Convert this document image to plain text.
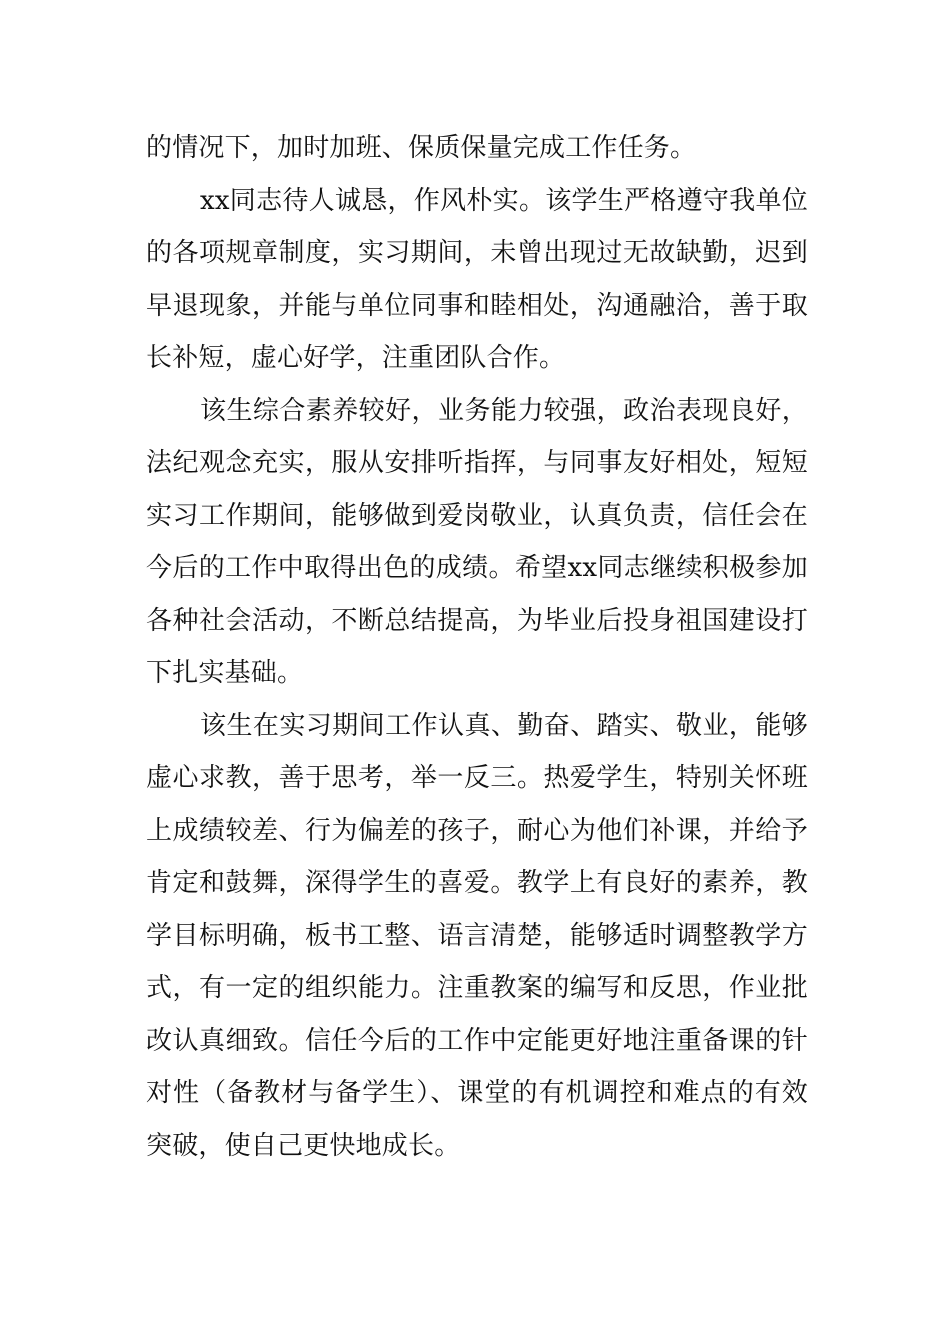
的情况下，加时加班、保质保量完成工作任务。

xx同志待人诚恳，作风朴实。该学生严格遵守我单位的各项规章制度，实习期间，未曾出现过无故缺勤，迟到早退现象，并能与单位同事和睦相处，沟通融洽，善于取长补短，虚心好学，注重团队合作。

该生综合素养较好，业务能力较强，政治表现良好，法纪观念充实，服从安排听指挥，与同事友好相处，短短实习工作期间，能够做到爱岗敬业，认真负责，信任会在今后的工作中取得出色的成绩。希望xx同志继续积极参加各种社会活动，不断总结提高，为毕业后投身祖国建设打下扎实基础。

该生在实习期间工作认真、勤奋、踏实、敬业，能够虚心求教，善于思考，举一反三。热爱学生，特别关怀班上成绩较差、行为偏差的孩子，耐心为他们补课，并给予肯定和鼓舞，深得学生的喜爱。教学上有良好的素养，教学目标明确，板书工整、语言清楚，能够适时调整教学方式，有一定的组织能力。注重教案的编写和反思，作业批改认真细致。信任今后的工作中定能更好地注重备课的针对性（备教材与备学生）、课堂的有机调控和难点的有效突破，使自己更快地成长。
